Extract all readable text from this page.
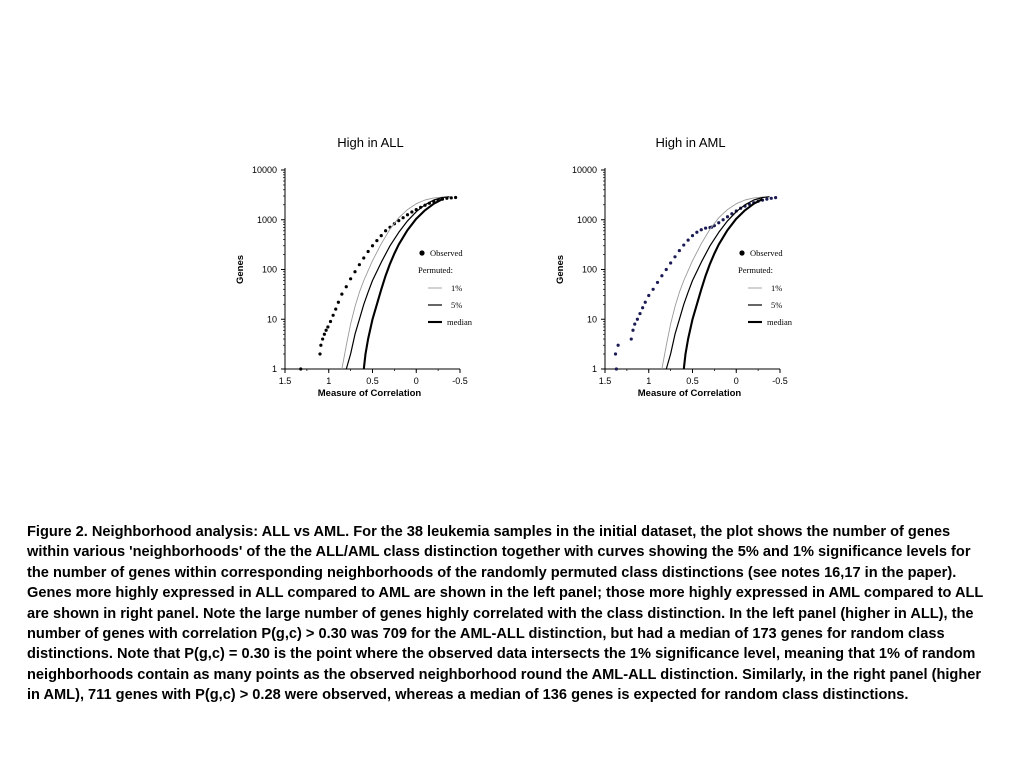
High in ALL
1
10
100
1000
10000
1.5	1	0.5	0	-0.5
Measure of Correlation
Genes
Observed
Permuted:
1%
5%
median
High in AML
1
10
100
1000
10000
1.5	1	0.5	0	-0.5
Measure of Correlation
Genes
Observed
Permuted:
1%
5%
median

Figure 2. Neighborhood analysis: ALL vs AML. For the 38 leukemia samples in the initial dataset, the plot shows the number of genes within various 'neighborhoods' of the the ALL/AML class distinction together with curves showing the 5% and 1% significance levels for the number of genes within corresponding neighborhoods of the randomly permuted class distinctions (see notes 16,17 in the paper). Genes more highly expressed in ALL compared to AML are shown in the left panel; those more highly expressed in AML compared to ALL are shown in right panel. Note the large number of genes highly correlated with the class distinction. In the left panel (higher in ALL), the number of genes with correlation P(g,c) > 0.30 was 709 for the AML-ALL distinction, but had a median of 173 genes for random class distinctions. Note that P(g,c) = 0.30 is the point where the observed data intersects the 1% significance level, meaning that 1% of random neighborhoods contain as many points as the observed neighborhood round the AML-ALL distinction. Similarly, in the right panel (higher in AML), 711 genes with P(g,c) > 0.28 were observed, whereas a median of 136 genes is expected for random class distinctions.
